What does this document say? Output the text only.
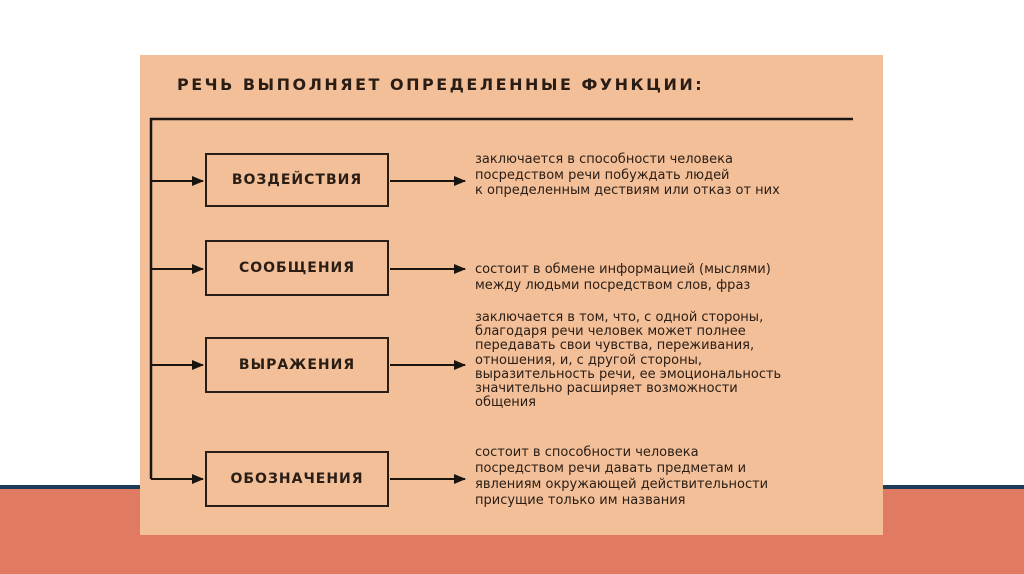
РЕЧЬ ВЫПОЛНЯЕТ ОПРЕДЕЛЕННЫЕ ФУНКЦИИ:
ВОЗДЕЙСТВИЯ
СООБЩЕНИЯ
ВЫРАЖЕНИЯ
ОБОЗНАЧЕНИЯ
заключается в способности человека
посредством речи побуждать людей
к определенным дествиям или отказ от них
состоит в обмене информацией (мыслями)
между людьми посредством слов, фраз
заключается в том, что, с одной стороны,
благодаря речи человек может полнее
передавать свои чувства, переживания,
отношения, и, с другой стороны,
выразительность речи, ее эмоциональность
значительно расширяет возможности
общения
состоит в способности человека
посредством речи давать предметам и
явлениям окружающей действительности
присущие только им названия
